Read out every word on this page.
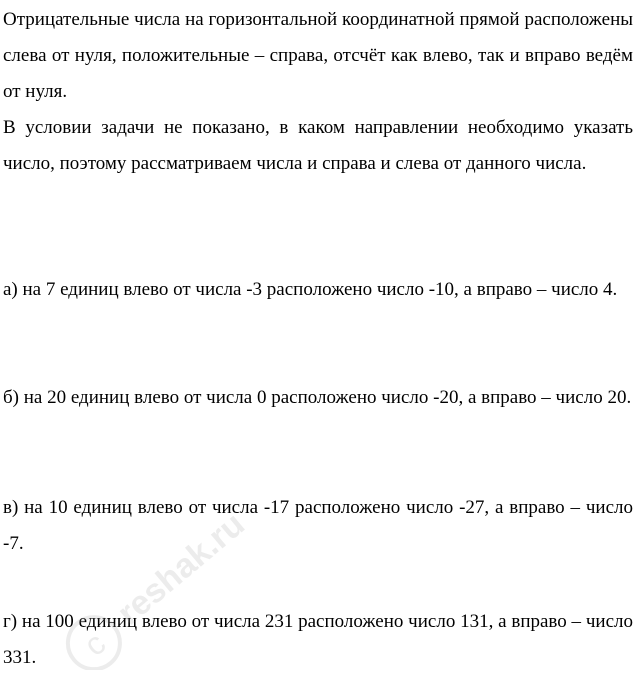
Отрицательные числа на горизонтальной координатной прямой расположены слева от нуля, положительные – справа, отсчёт как влево, так и вправо ведём от нуля.

В условии задачи не показано, в каком направлении необходимо указать число, поэтому рассматриваем числа и справа и слева от данного числа.

а) на 7 единиц влево от числа -3 расположено число -10, а вправо – число 4.

б) на 20 единиц влево от числа 0 расположено число -20, а вправо – число 20.

в) на 10 единиц влево от числа -17 расположено число -27, а вправо – число -7.

г) на 100 единиц влево от числа 231 расположено число 131, а вправо – число 331.	c
reshak.ru
